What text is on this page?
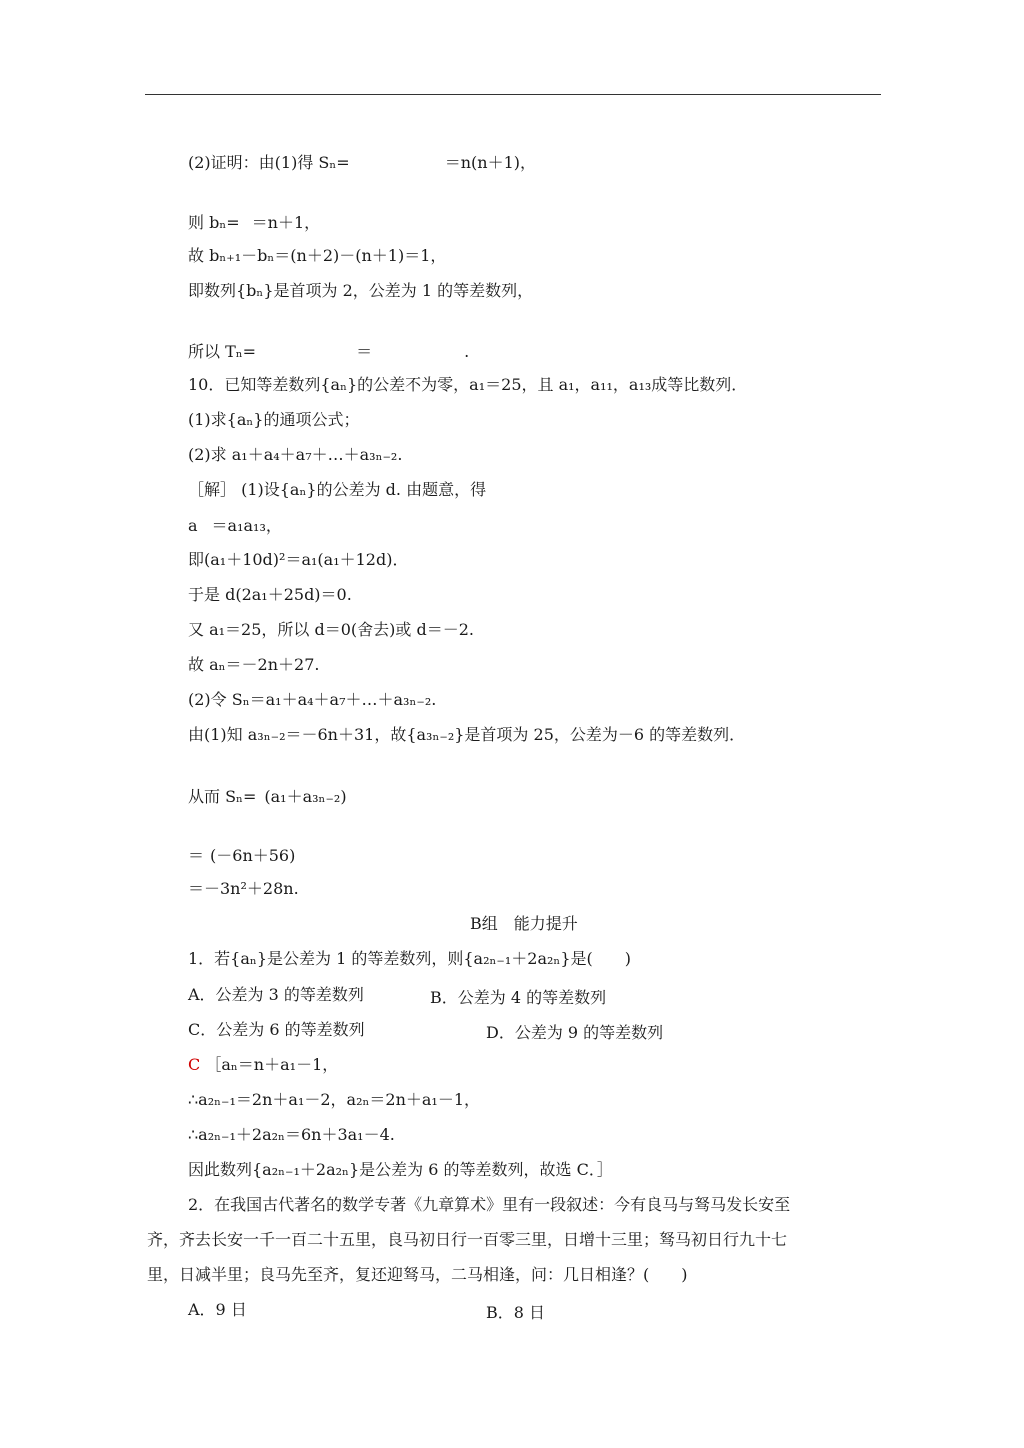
(2)证明：由(1)得 Sₙ=	＝n(n＋1)，
则 bₙ= ＝n＋1，
故 bₙ₊₁－bₙ＝(n＋2)－(n＋1)＝1，
即数列{bₙ}是首项为 2，公差为 1 的等差数列，
所以 Tₙ=	＝	.
10．已知等差数列{aₙ}的公差不为零，a₁＝25，且 a₁，a₁₁，a₁₃成等比数列．
(1)求{aₙ}的通项公式；
(2)求 a₁＋a₄＋a₇＋…＋a₃ₙ₋₂.
［解］ (1)设{aₙ}的公差为 d. 由题意，得
a ＝a₁a₁₃，
即(a₁＋10d)²＝a₁(a₁＋12d)．
于是 d(2a₁＋25d)＝0.
又 a₁＝25，所以 d＝0(舍去)或 d＝－2.
故 aₙ＝－2n＋27.
(2)令 Sₙ＝a₁＋a₄＋a₇＋…＋a₃ₙ₋₂.
由(1)知 a₃ₙ₋₂＝－6n＋31，故{a₃ₙ₋₂}是首项为 25，公差为－6 的等差数列．
从而 Sₙ= (a₁＋a₃ₙ₋₂)
＝ (－6n＋56)
＝－3n²＋28n.
B组　能力提升
1．若{aₙ}是公差为 1 的等差数列，则{a₂ₙ₋₁＋2a₂ₙ}是(　　)
A．公差为 3 的等差数列	B．公差为 4 的等差数列
C．公差为 6 的等差数列	D．公差为 9 的等差数列
C ［aₙ＝n＋a₁－1，
∴a₂ₙ₋₁＝2n＋a₁－2，a₂ₙ＝2n＋a₁－1，
∴a₂ₙ₋₁＋2a₂ₙ＝6n＋3a₁－4.
因此数列{a₂ₙ₋₁＋2a₂ₙ}是公差为 6 的等差数列，故选 C．］
2．在我国古代著名的数学专著《九章算术》里有一段叙述：今有良马与驽马发长安至
齐，齐去长安一千一百二十五里，良马初日行一百零三里，日增十三里；驽马初日行九十七
里，日减半里；良马先至齐，复还迎驽马，二马相逢，问：几日相逢？(　　)
A．9 日	B．8 日
